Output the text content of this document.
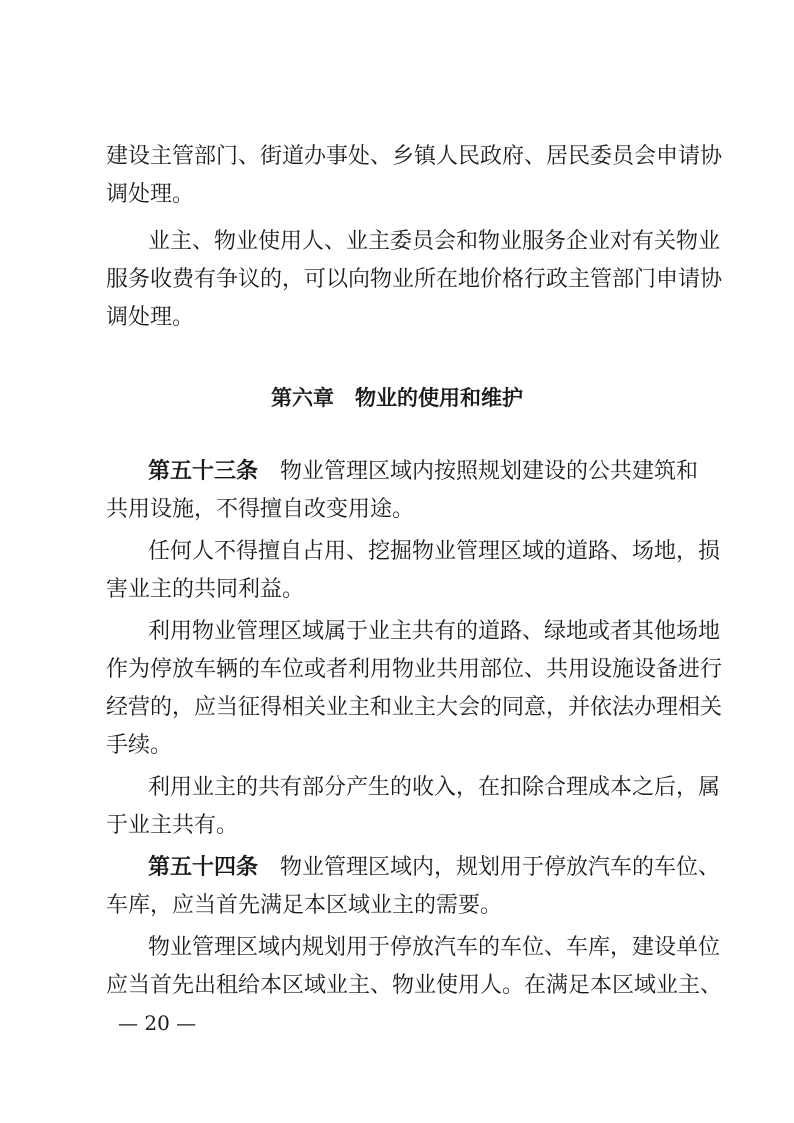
建设主管部门、街道办事处、乡镇人民政府、居民委员会申请协
调处理。
业主、物业使用人、业主委员会和物业服务企业对有关物业
服务收费有争议的，可以向物业所在地价格行政主管部门申请协
调处理。
第六章　物业的使用和维护
第五十三条 物业管理区域内按照规划建设的公共建筑和
共用设施，不得擅自改变用途。
任何人不得擅自占用、挖掘物业管理区域的道路、场地，损
害业主的共同利益。
利用物业管理区域属于业主共有的道路、绿地或者其他场地
作为停放车辆的车位或者利用物业共用部位、共用设施设备进行
经营的，应当征得相关业主和业主大会的同意，并依法办理相关
手续。
利用业主的共有部分产生的收入，在扣除合理成本之后，属
于业主共有。
第五十四条 物业管理区域内，规划用于停放汽车的车位、
车库，应当首先满足本区域业主的需要。
物业管理区域内规划用于停放汽车的车位、车库，建设单位
应当首先出租给本区域业主、物业使用人。在满足本区域业主、
— 20 —
